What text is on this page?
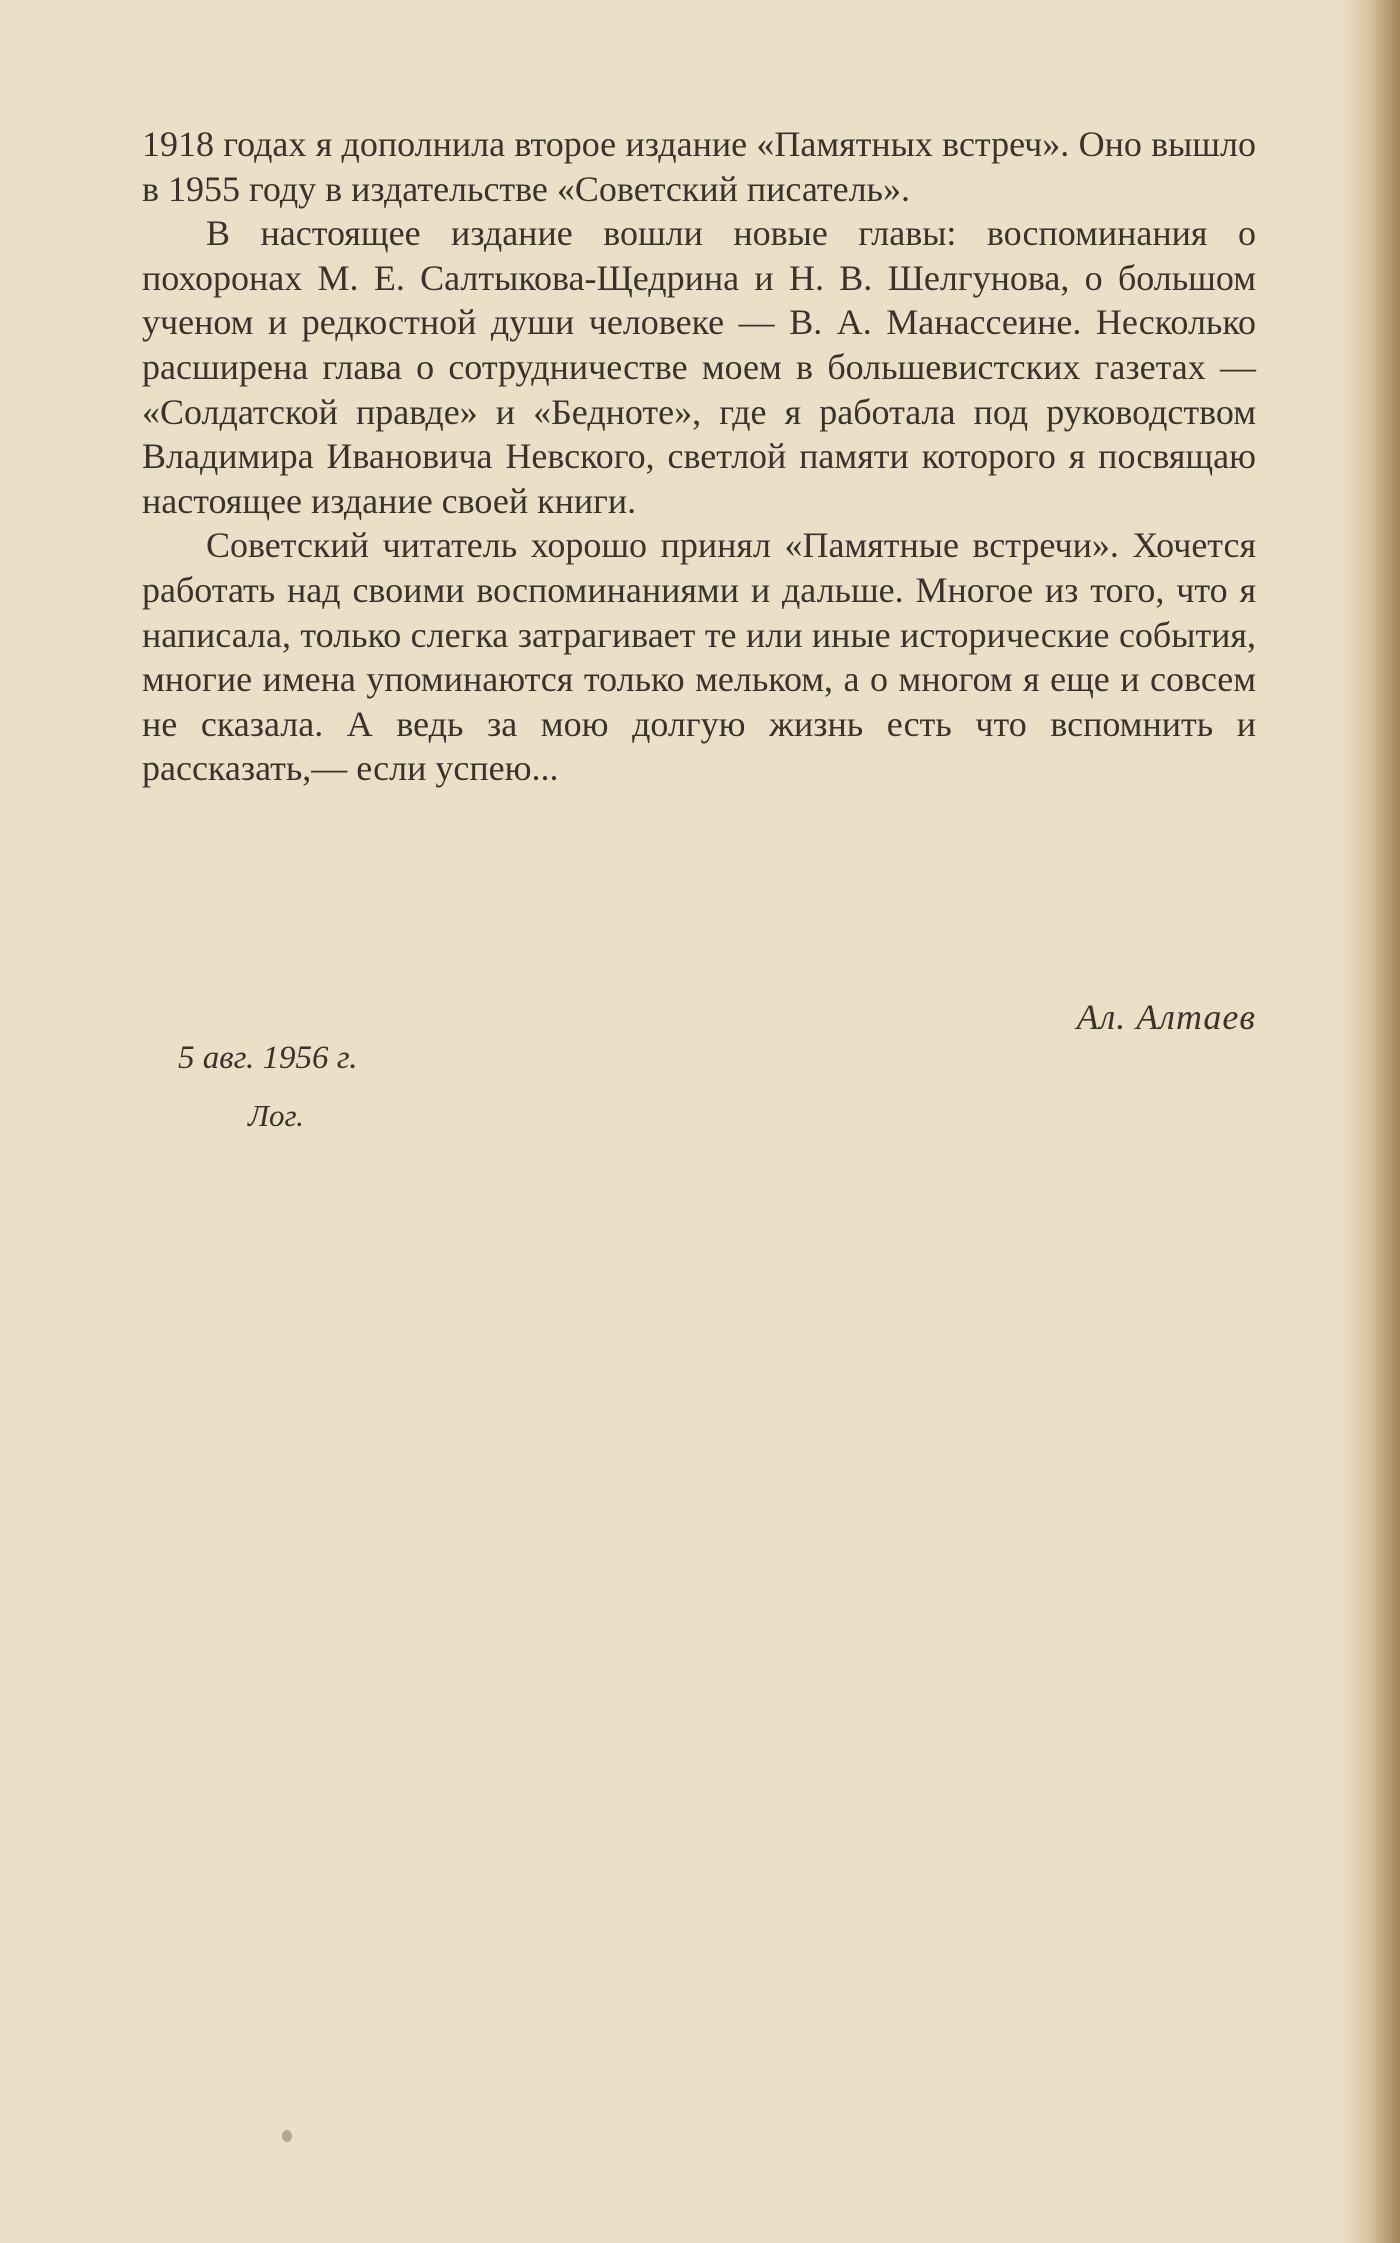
1918 годах я дополнила второе издание «Памятных встреч». Оно вышло в 1955 году в издательстве «Советский писатель».

В настоящее издание вошли новые главы: воспоминания о похоронах М. Е. Салтыкова-Щедрина и Н. В. Шелгунова, о большом ученом и редкостной души человеке — В. А. Манассеине. Несколько расширена глава о сотрудничестве моем в большевистских газетах — «Солдатской правде» и «Бедноте», где я работала под руководством Владимира Ивановича Невского, светлой памяти которого я посвящаю настоящее издание своей книги.

Советский читатель хорошо принял «Памятные встречи». Хочется работать над своими воспоминаниями и дальше. Многое из того, что я написала, только слегка затрагивает те или иные исторические события, многие имена упоминаются только мельком, а о многом я еще и совсем не сказала. А ведь за мою долгую жизнь есть что вспомнить и рассказать,— если успею...

Ал. Алтаев
5 авг. 1956 г.
Лог.
